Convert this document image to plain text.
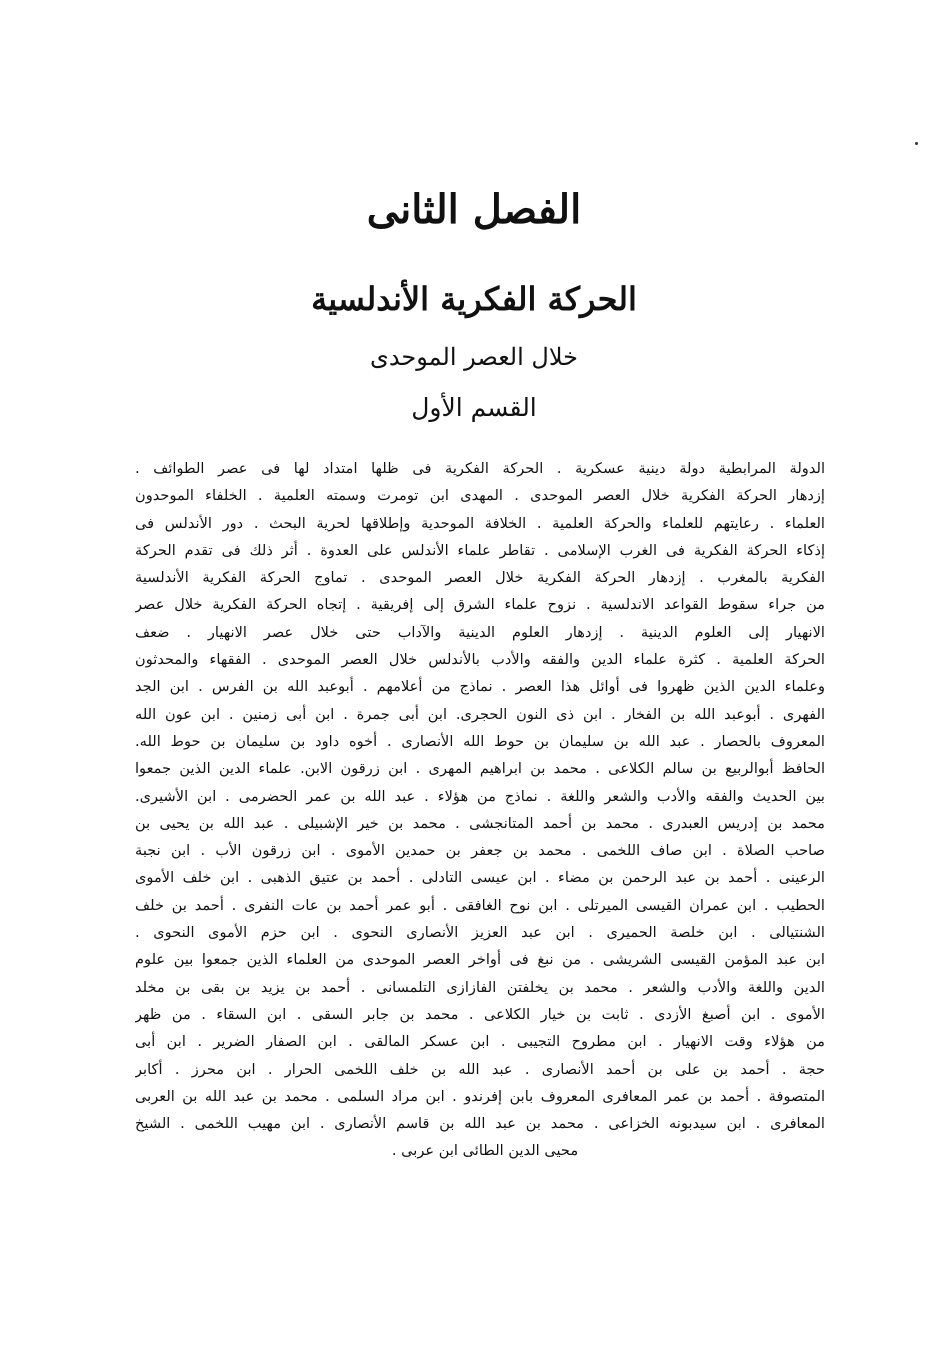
الفصل الثانى
الحركة الفكرية الأندلسية
خلال العصر الموحدى
القسم الأول
الدولة المرابطية دولة دينية عسكرية . الحركة الفكرية فى ظلها امتداد لها فى عصر الطوائف .
إزدهار الحركة الفكرية خلال العصر الموحدى . المهدى ابن تومرت وسمته العلمية . الخلفاء الموحدون
العلماء . رعايتهم للعلماء والحركة العلمية . الخلافة الموحدية وإطلاقها لحرية البحث . دور الأندلس فى
إذكاء الحركة الفكرية فى الغرب الإسلامى . تقاطر علماء الأندلس على العدوة . أثر ذلك فى تقدم الحركة
الفكرية بالمغرب . إزدهار الحركة الفكرية خلال العصر الموحدى . تماوج الحركة الفكرية الأندلسية
من جراء سقوط القواعد الاندلسية . نزوح علماء الشرق إلى إفريقية . إتجاه الحركة الفكرية خلال عصر
الانهيار إلى العلوم الدينية . إزدهار العلوم الدينية والآداب حتى خلال عصر الانهيار . ضعف
الحركة العلمية . كثرة علماء الدين والفقه والأدب بالأندلس خلال العصر الموحدى . الفقهاء والمحدثون
وعلماء الدين الذين ظهروا فى أوائل هذا العصر . نماذج من أعلامهم . أبوعبد الله بن الفرس . ابن الجد
الفهرى . أبوعبد الله بن الفخار . ابن ذى النون الحجرى. ابن أبى جمرة . ابن أبى زمنين . ابن عون الله
المعروف بالحصار . عبد الله بن سليمان بن حوط الله الأنصارى . أخوه داود بن سليمان بن حوط الله.
الحافظ أبوالربيع بن سالم الكلاعى . محمد بن ابراهيم المهرى . ابن زرقون الابن. علماء الدين الذين جمعوا
بين الحديث والفقه والأدب والشعر واللغة . نماذج من هؤلاء . عبد الله بن عمر الحضرمى . ابن الأشيرى.
محمد بن إدريس العبدرى . محمد بن أحمد المتانجشى . محمد بن خير الإشبيلى . عبد الله بن يحيى بن
صاحب الصلاة . ابن صاف اللخمى . محمد بن جعفر بن حمدين الأموى . ابن زرقون الأب . ابن نجبة
الرعينى . أحمد بن عبد الرحمن بن مضاء . ابن عيسى التادلى . أحمد بن عتيق الذهبى . ابن خلف الأموى
الحطيب . ابن عمران القيسى الميرتلى . ابن نوح الغافقى . أبو عمر أحمد بن عات النفرى . أحمد بن خلف
الشنتيالى . ابن خلصة الحميرى . ابن عبد العزيز الأنصارى النحوى . ابن حزم الأموى النحوى .
ابن عبد المؤمن القيسى الشريشى . من نبغ فى أواخر العصر الموحدى من العلماء الذين جمعوا بين علوم
الدين واللغة والأدب والشعر . محمد بن يخلفتن الفازازى التلمسانى . أحمد بن يزيد بن بقى بن مخلد
الأموى . ابن أصبغ الأزدى . ثابت بن خيار الكلاعى . محمد بن جابر السقى . ابن السقاء . من ظهر
من هؤلاء وقت الانهيار . ابن مطروح التجيبى . ابن عسكر المالقى . ابن الصفار الضرير . ابن أبى
حجة . أحمد بن على بن أحمد الأنصارى . عبد الله بن خلف اللخمى الحرار . ابن محرز . أكابر
المتصوفة . أحمد بن عمر المعافرى المعروف بابن إفرندو . ابن مراد السلمى . محمد بن عبد الله بن العربى
المعافرى . ابن سيدبونه الخزاعى . محمد بن عبد الله بن قاسم الأنصارى . ابن مهيب اللخمى . الشيخ
محيى الدين الطائى ابن عربى .
